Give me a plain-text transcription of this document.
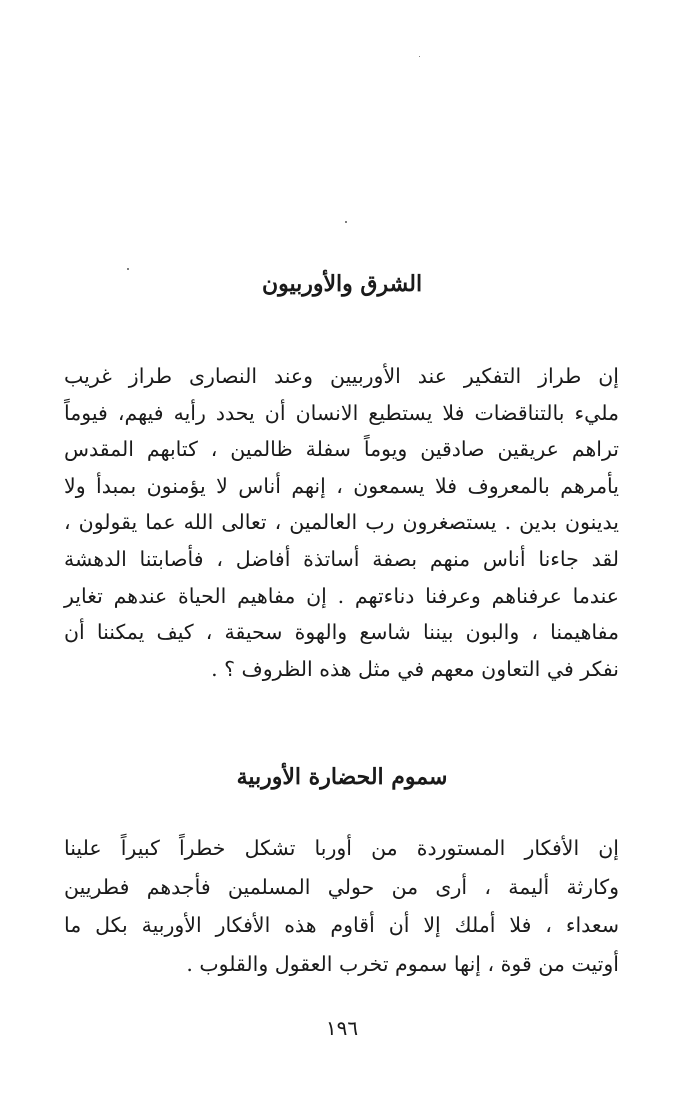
الشرق والأوربيون
إن طراز التفكير عند الأوربيين وعند النصارى طراز غريب
مليء بالتناقضات فلا يستطيع الانسان أن يحدد رأيه فيهم، فيوماً
تراهم عريقين صادقين ويوماً سفلة ظالمين ، كتابهم المقدس
يأمرهم بالمعروف فلا يسمعون ، إنهم أناس لا يؤمنون بمبدأ ولا
يدينون بدين . يستصغرون رب العالمين ، تعالى الله عما يقولون ،
لقد جاءنا أناس منهم بصفة أساتذة أفاضل ، فأصابتنا الدهشة
عندما عرفناهم وعرفنا دناءتهم . إن مفاهيم الحياة عندهم تغاير
مفاهيمنا ، والبون بيننا شاسع والهوة سحيقة ، كيف يمكننا أن
نفكر في التعاون معهم في مثل هذه الظروف ؟ .
سموم الحضارة الأوربية
إن الأفكار المستوردة من أوربا تشكل خطراً كبيراً علينا
وكارثة أليمة ، أرى من حولي المسلمين فأجدهم فطريين
سعداء ، فلا أملك إلا أن أقاوم هذه الأفكار الأوربية بكل ما
أوتيت من قوة ، إنها سموم تخرب العقول والقلوب .
١٩٦
